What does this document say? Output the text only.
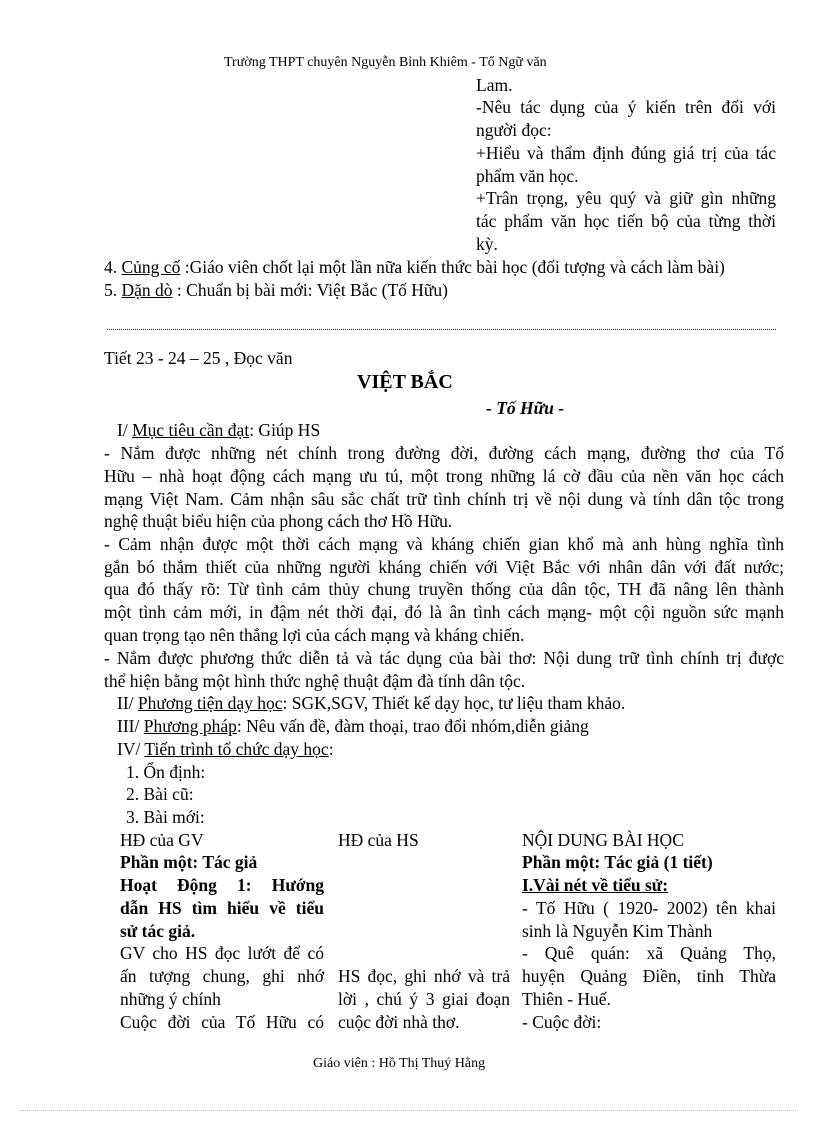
Trường THPT chuyên Nguyễn Bỉnh Khiêm - Tổ Ngữ văn
Lam.
-Nêu tác dụng của ý kiến trên đối với
người đọc:
+Hiểu và thẩm định đúng giá trị của tác
phẩm văn học.
+Trân trọng, yêu quý và giữ gìn những
tác phẩm văn học tiến bộ của từng thời
kỳ.
4. Củng cố :Giáo viên chốt lại một lần nữa kiến thức bài học (đối tượng và cách làm bài)
5. Dặn dò : Chuẩn bị bài mới: Việt Bắc (Tố Hữu)
Tiết 23 - 24 – 25 , Đọc văn
VIỆT BẮC
- Tố Hữu -
I/ Mục tiêu cần đạt: Giúp HS
- Nắm được những nét chính trong đường đời, đường cách mạng, đường thơ của Tố
Hữu – nhà hoạt động cách mạng ưu tú, một trong những lá cờ đầu của nền văn học cách
mạng Việt Nam. Cảm nhận sâu sắc chất trữ tình chính trị về nội dung và tính dân tộc trong
nghệ thuật biểu hiện của phong cách thơ Hồ Hữu.
- Cảm nhận được một thời cách mạng và kháng chiến gian khổ mà anh hùng nghĩa tình
gắn bó thắm thiết của những người kháng chiến với Việt Bắc với nhân dân với đất nước;
qua đó thấy rõ: Từ tình cảm thủy chung truyền thống của dân tộc, TH đã nâng lên thành
một tình cảm mới, in đậm nét thời đại, đó là ân tình cách mạng- một cội nguồn sức mạnh
quan trọng tạo nên thắng lợi của cách mạng và kháng chiến.
- Nắm được phương thức diễn tả và tác dụng của bài thơ: Nội dung trữ tình chính trị được
thể hiện bằng một hình thức nghệ thuật đậm đà tính dân tộc.
II/ Phương tiện dạy học: SGK,SGV, Thiết kế dạy học, tư liệu tham khảo.
III/ Phương pháp: Nêu vấn đề, đàm thoại, trao đổi nhóm,diễn giảng
IV/ Tiến trình tổ chức dạy học:
1. Ổn định:
2. Bài cũ:
3. Bài mới:
HĐ của GV
Phần một: Tác giả
Hoạt Động 1: Hướng
dẫn HS tìm hiểu về tiểu
sử tác giả.
GV cho HS đọc lướt để có
ấn tượng chung, ghi nhớ
những ý chính
Cuộc đời của Tố Hữu có
HĐ của HS
HS đọc, ghi nhớ và trả
lời , chú ý 3 giai đoạn
cuộc đời nhà thơ.
NỘI DUNG BÀI HỌC
Phần một: Tác giả (1 tiết)
I.Vài nét về tiểu sử:
- Tố Hữu ( 1920- 2002) tên khai
sinh là Nguyễn Kim Thành
- Quê quán: xã Quảng Thọ,
huyện Quảng Điền, tỉnh Thừa
Thiên - Huế.
- Cuộc đời:
Giáo viên : Hồ Thị Thuý Hằng
